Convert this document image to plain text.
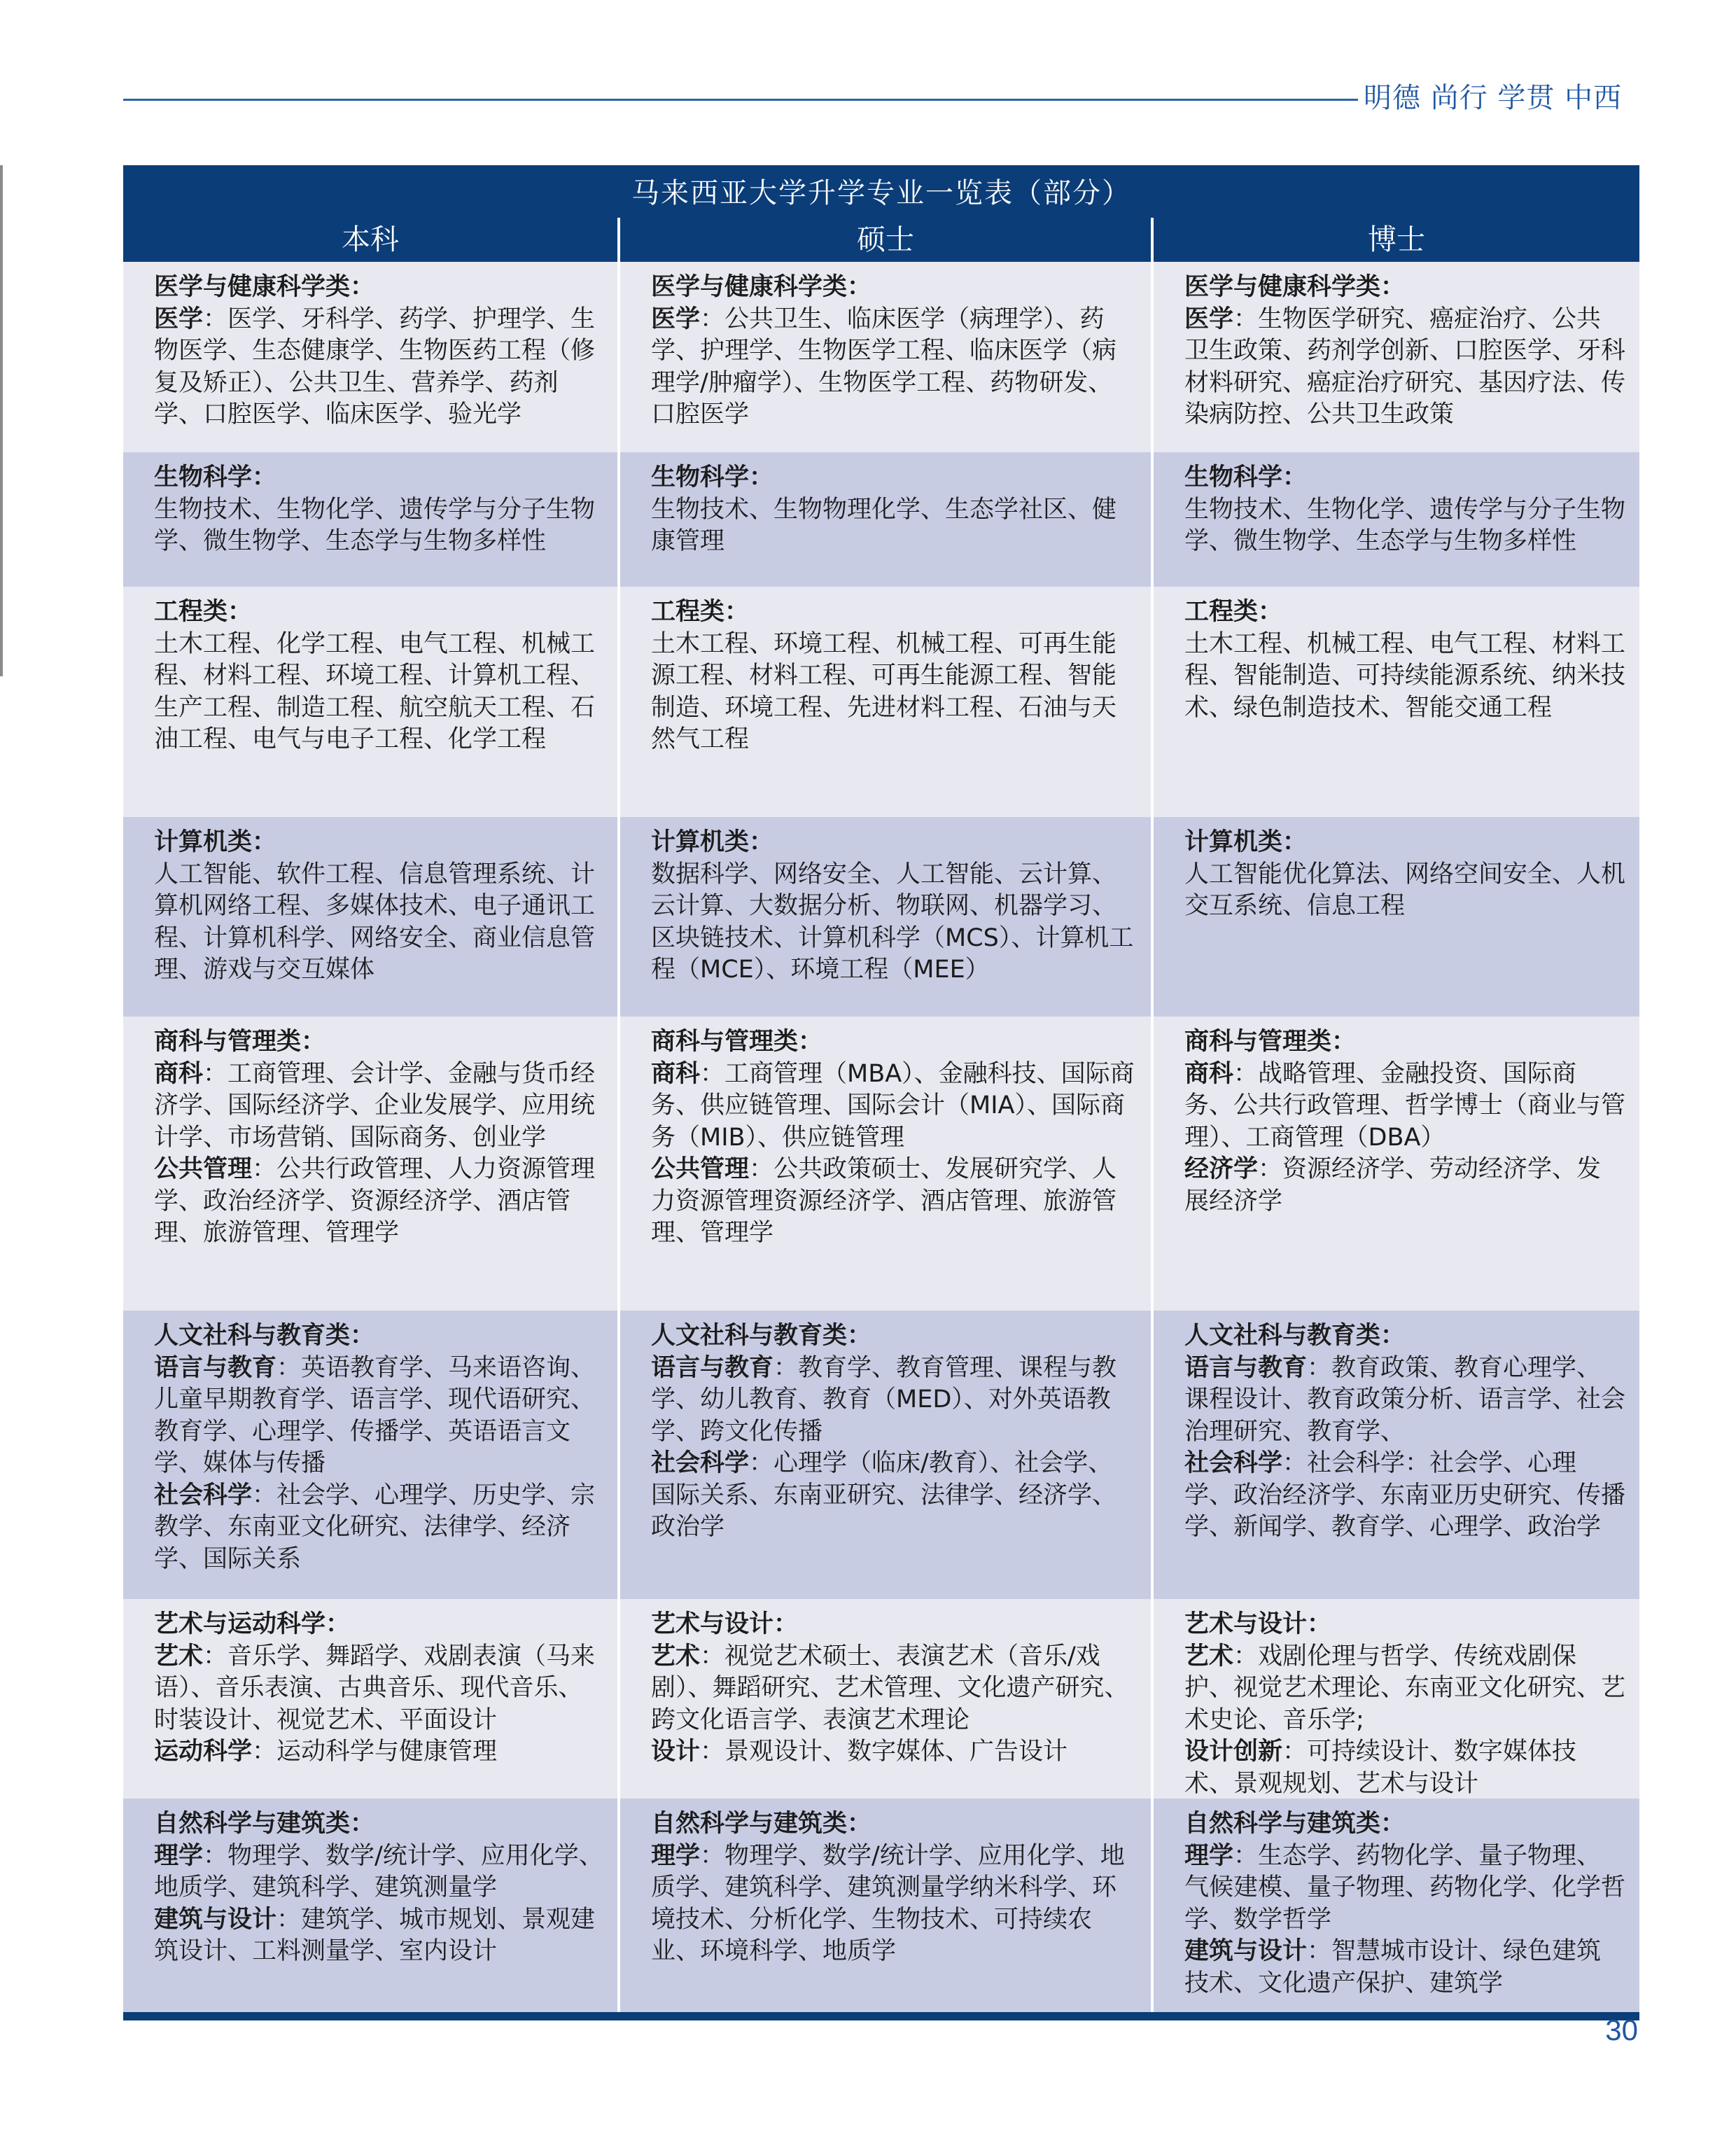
明德 尚行 学贯 中西
马来西亚大学升学专业一览表（部分）
本科	硕士	博士
医学与健康科学类：

医学：医学、牙科学、药学、护理学、生物医学、生态健康学、生物医药工程（修复及矫正）、公共卫生、营养学、药剂学、口腔医学、临床医学、验光学

医学与健康科学类：

医学：公共卫生、临床医学（病理学）、药学、护理学、生物医学工程、临床医学（病理学/肿瘤学）、生物医学工程、药物研发、口腔医学

医学与健康科学类：

医学：生物医学研究、癌症治疗、公共卫生政策、药剂学创新、口腔医学、牙科材料研究、癌症治疗研究、基因疗法、传染病防控、公共卫生政策

生物科学：

生物技术、生物化学、遗传学与分子生物学、微生物学、生态学与生物多样性

生物科学：

生物技术、生物物理化学、生态学社区、健康管理

生物科学：

生物技术、生物化学、遗传学与分子生物学、微生物学、生态学与生物多样性

工程类：

土木工程、化学工程、电气工程、机械工程、材料工程、环境工程、计算机工程、生产工程、制造工程、航空航天工程、石油工程、电气与电子工程、化学工程

工程类：

土木工程、环境工程、机械工程、可再生能源工程、材料工程、可再生能源工程、智能制造、环境工程、先进材料工程、石油与天然气工程

工程类：

土木工程、机械工程、电气工程、材料工程、智能制造、可持续能源系统、纳米技术、绿色制造技术、智能交通工程

计算机类：

人工智能、软件工程、信息管理系统、计算机网络工程、多媒体技术、电子通讯工程、计算机科学、网络安全、商业信息管理、游戏与交互媒体

计算机类：

数据科学、网络安全、人工智能、云计算、云计算、大数据分析、物联网、机器学习、区块链技术、计算机科学（MCS）、计算机工程（MCE）、环境工程（MEE）

计算机类：

人工智能优化算法、网络空间安全、人机交互系统、信息工程

商科与管理类：

商科：工商管理、会计学、金融与货币经济学、国际经济学、企业发展学、应用统计学、市场营销、国际商务、创业学

公共管理：公共行政管理、人力资源管理学、政治经济学、资源经济学、酒店管理、旅游管理、管理学

商科与管理类：

商科：工商管理（MBA）、金融科技、国际商务、供应链管理、国际会计（MIA）、国际商务（MIB）、供应链管理

公共管理：公共政策硕士、发展研究学、人力资源管理资源经济学、酒店管理、旅游管理、管理学

商科与管理类：

商科：战略管理、金融投资、国际商务、公共行政管理、哲学博士（商业与管理）、工商管理（DBA）

经济学：资源经济学、劳动经济学、发展经济学

人文社科与教育类：

语言与教育：英语教育学、马来语咨询、儿童早期教育学、语言学、现代语研究、教育学、心理学、传播学、英语语言文学、媒体与传播

社会科学：社会学、心理学、历史学、宗教学、东南亚文化研究、法律学、经济学、国际关系

人文社科与教育类：

语言与教育：教育学、教育管理、课程与教学、幼儿教育、教育（MED）、对外英语教学、跨文化传播

社会科学：心理学（临床/教育）、社会学、国际关系、东南亚研究、法律学、经济学、政治学

人文社科与教育类：

语言与教育：教育政策、教育心理学、课程设计、教育政策分析、语言学、社会治理研究、教育学、

社会科学：社会科学：社会学、心理学、政治经济学、东南亚历史研究、传播学、新闻学、教育学、心理学、政治学

艺术与运动科学：

艺术：音乐学、舞蹈学、戏剧表演（马来语）、音乐表演、古典音乐、现代音乐、时装设计、视觉艺术、平面设计

运动科学：运动科学与健康管理

艺术与设计：

艺术：视觉艺术硕士、表演艺术（音乐/戏剧）、舞蹈研究、艺术管理、文化遗产研究、跨文化语言学、表演艺术理论

设计：景观设计、数字媒体、广告设计

艺术与设计：

艺术：戏剧伦理与哲学、传统戏剧保护、视觉艺术理论、东南亚文化研究、艺术史论、音乐学;

设计创新：可持续设计、数字媒体技术、景观规划、艺术与设计

自然科学与建筑类：

理学：物理学、数学/统计学、应用化学、地质学、建筑科学、建筑测量学

建筑与设计：建筑学、城市规划、景观建筑设计、工料测量学、室内设计

自然科学与建筑类：

理学：物理学、数学/统计学、应用化学、地质学、建筑科学、建筑测量学纳米科学、环境技术、分析化学、生物技术、可持续农业、环境科学、地质学

自然科学与建筑类：

理学：生态学、药物化学、量子物理、气候建模、量子物理、药物化学、化学哲学、数学哲学

建筑与设计：智慧城市设计、绿色建筑技术、文化遗产保护、建筑学

30
